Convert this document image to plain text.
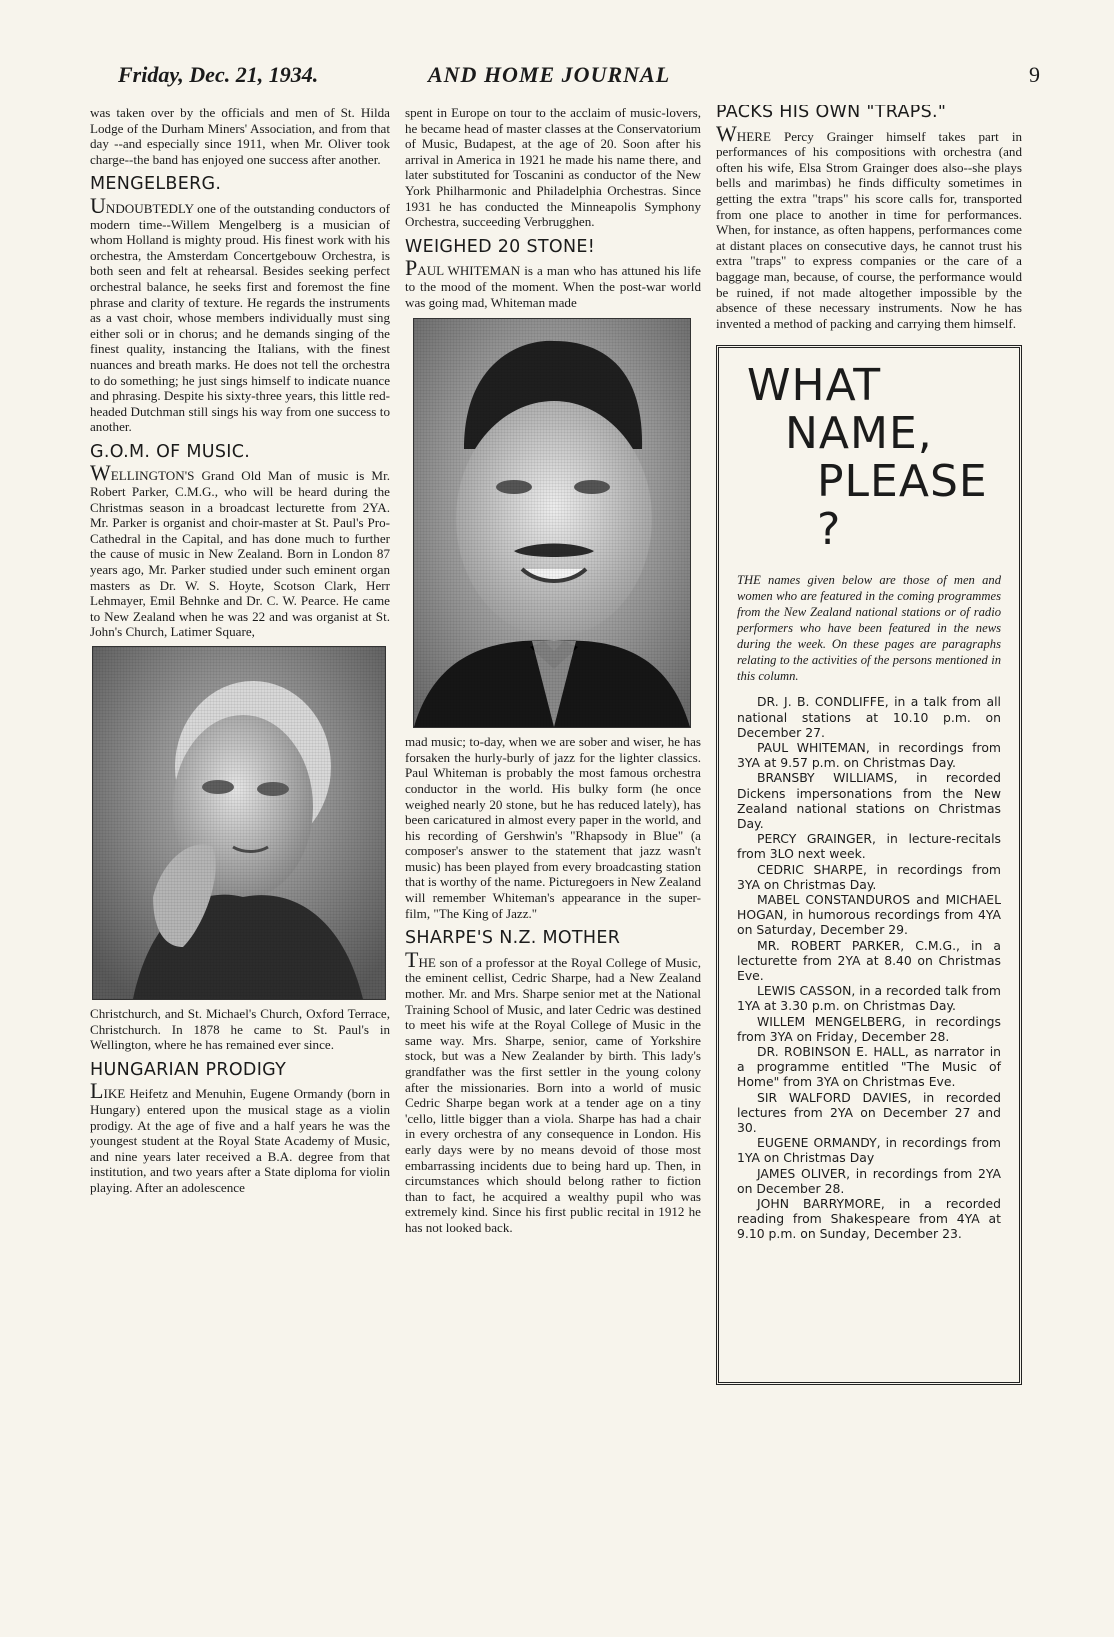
Friday, Dec. 21, 1934.	AND HOME JOURNAL	9

was taken over by the officials and men of St. Hilda Lodge of the Durham Miners' Association, and from that day --and especially since 1911, when Mr. Oliver took charge--the band has enjoyed one success after another.

MENGELBERG.

UNDOUBTEDLY one of the outstanding conductors of modern time--Willem Mengelberg is a musician of whom Holland is mighty proud. His finest work with his orchestra, the Amsterdam Concertgebouw Orchestra, is both seen and felt at rehearsal. Besides seeking perfect orchestral balance, he seeks first and foremost the fine phrase and clarity of texture. He regards the instruments as a vast choir, whose members individually must sing either soli or in chorus; and he demands singing of the finest quality, instancing the Italians, with the finest nuances and breath marks. He does not tell the orchestra to do something; he just sings himself to indicate nuance and phrasing. Despite his sixty-three years, this little red-headed Dutchman still sings his way from one success to another.

G.O.M. OF MUSIC.

WELLINGTON'S Grand Old Man of music is Mr. Robert Parker, C.M.G., who will be heard during the Christmas season in a broadcast lecturette from 2YA. Mr. Parker is organist and choir-master at St. Paul's Pro-Cathedral in the Capital, and has done much to further the cause of music in New Zealand. Born in London 87 years ago, Mr. Parker studied under such eminent organ masters as Dr. W. S. Hoyte, Scotson Clark, Herr Lehmayer, Emil Behnke and Dr. C. W. Pearce. He came to New Zealand when he was 22 and was organist at St. John's Church, Latimer Square,

Christchurch, and St. Michael's Church, Oxford Terrace, Christchurch. In 1878 he came to St. Paul's in Wellington, where he has remained ever since.

HUNGARIAN PRODIGY

LIKE Heifetz and Menuhin, Eugene Ormandy (born in Hungary) entered upon the musical stage as a violin prodigy. At the age of five and a half years he was the youngest student at the Royal State Academy of Music, and nine years later received a B.A. degree from that institution, and two years after a State diploma for violin playing. After an adolescence

spent in Europe on tour to the acclaim of music-lovers, he became head of master classes at the Conservatorium of Music, Budapest, at the age of 20. Soon after his arrival in America in 1921 he made his name there, and later substituted for Toscanini as conductor of the New York Philharmonic and Philadelphia Orchestras. Since 1931 he has conducted the Minneapolis Symphony Orchestra, succeeding Verbrugghen.

WEIGHED 20 STONE!

PAUL WHITEMAN is a man who has attuned his life to the mood of the moment. When the post-war world was going mad, Whiteman made

mad music; to-day, when we are sober and wiser, he has forsaken the hurly-burly of jazz for the lighter classics. Paul Whiteman is probably the most famous orchestra conductor in the world. His bulky form (he once weighed nearly 20 stone, but he has reduced lately), has been caricatured in almost every paper in the world, and his recording of Gershwin's "Rhapsody in Blue" (a composer's answer to the statement that jazz wasn't music) has been played from every broadcasting station that is worthy of the name. Picturegoers in New Zealand will remember Whiteman's appearance in the super-film, "The King of Jazz."

SHARPE'S N.Z. MOTHER

THE son of a professor at the Royal College of Music, the eminent cellist, Cedric Sharpe, had a New Zealand mother. Mr. and Mrs. Sharpe senior met at the National Training School of Music, and later Cedric was destined to meet his wife at the Royal College of Music in the same way. Mrs. Sharpe, senior, came of Yorkshire stock, but was a New Zealander by birth. This lady's grandfather was the first settler in the young colony after the missionaries. Born into a world of music Cedric Sharpe began work at a tender age on a tiny 'cello, little bigger than a viola. Sharpe has had a chair in every orchestra of any consequence in London. His early days were by no means devoid of those most embarrassing incidents due to being hard up. Then, in circumstances which should belong rather to fiction than to fact, he acquired a wealthy pupil who was extremely kind. Since his first public recital in 1912 he has not looked back.

PACKS HIS OWN "TRAPS."

WHERE Percy Grainger himself takes part in performances of his compositions with orchestra (and often his wife, Elsa Strom Grainger does also--she plays bells and marimbas) he finds difficulty sometimes in getting the extra "traps" his score calls for, transported from one place to another in time for performances. When, for instance, as often happens, performances come at distant places on consecutive days, he cannot trust his extra "traps" to express companies or the care of a baggage man, because, of course, the performance would be ruined, if not made altogether impossible by the absence of these necessary instruments. Now he has invented a method of packing and carrying them himself.

WHAT
NAME,
PLEASE ?

THE names given below are those of men and women who are featured in the coming programmes from the New Zealand national stations or of radio performers who have been featured in the news during the week. On these pages are paragraphs relating to the activities of the persons mentioned in this column.

DR. J. B. CONDLIFFE, in a talk from all national stations at 10.10 p.m. on December 27.

PAUL WHITEMAN, in recordings from 3YA at 9.57 p.m. on Christmas Day.

BRANSBY WILLIAMS, in recorded Dickens impersonations from the New Zealand national stations on Christmas Day.

PERCY GRAINGER, in lecture-recitals from 3LO next week.

CEDRIC SHARPE, in recordings from 3YA on Christmas Day.

MABEL CONSTANDUROS and MICHAEL HOGAN, in humorous recordings from 4YA on Saturday, December 29.

MR. ROBERT PARKER, C.M.G., in a lecturette from 2YA at 8.40 on Christmas Eve.

LEWIS CASSON, in a recorded talk from 1YA at 3.30 p.m. on Christmas Day.

WILLEM MENGELBERG, in recordings from 3YA on Friday, December 28.

DR. ROBINSON E. HALL, as narrator in a programme entitled "The Music of Home" from 3YA on Christmas Eve.

SIR WALFORD DAVIES, in recorded lectures from 2YA on December 27 and 30.

EUGENE ORMANDY, in recordings from 1YA on Christmas Day

JAMES OLIVER, in recordings from 2YA on December 28.

JOHN BARRYMORE, in a recorded reading from Shakespeare from 4YA at 9.10 p.m. on Sunday, December 23.
